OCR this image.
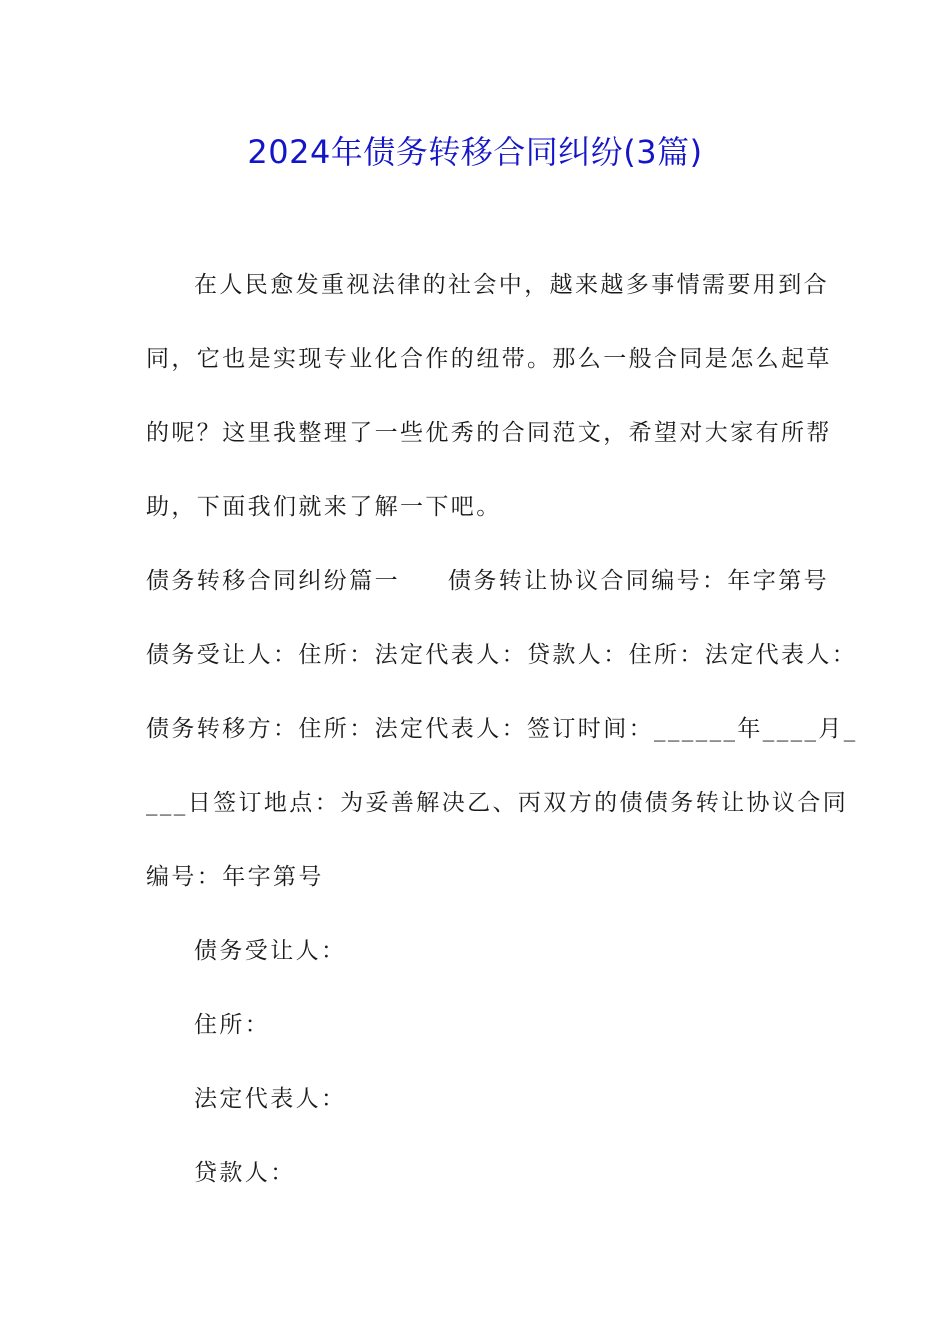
2024年债务转移合同纠纷(3篇)
在人民愈发重视法律的社会中，越来越多事情需要用到合
同，它也是实现专业化合作的纽带。那么一般合同是怎么起草
的呢？这里我整理了一些优秀的合同范文，希望对大家有所帮
助，下面我们就来了解一下吧。
债务转移合同纠纷篇一 债务转让协议合同编号：年字第号
债务受让人：住所：法定代表人：贷款人：住所：法定代表人：
债务转移方：住所：法定代表人：签订时间：______年____月_
___日签订地点：为妥善解决乙、丙双方的债债务转让协议合同
编号：年字第号
债务受让人：
住所：
法定代表人：
贷款人：
